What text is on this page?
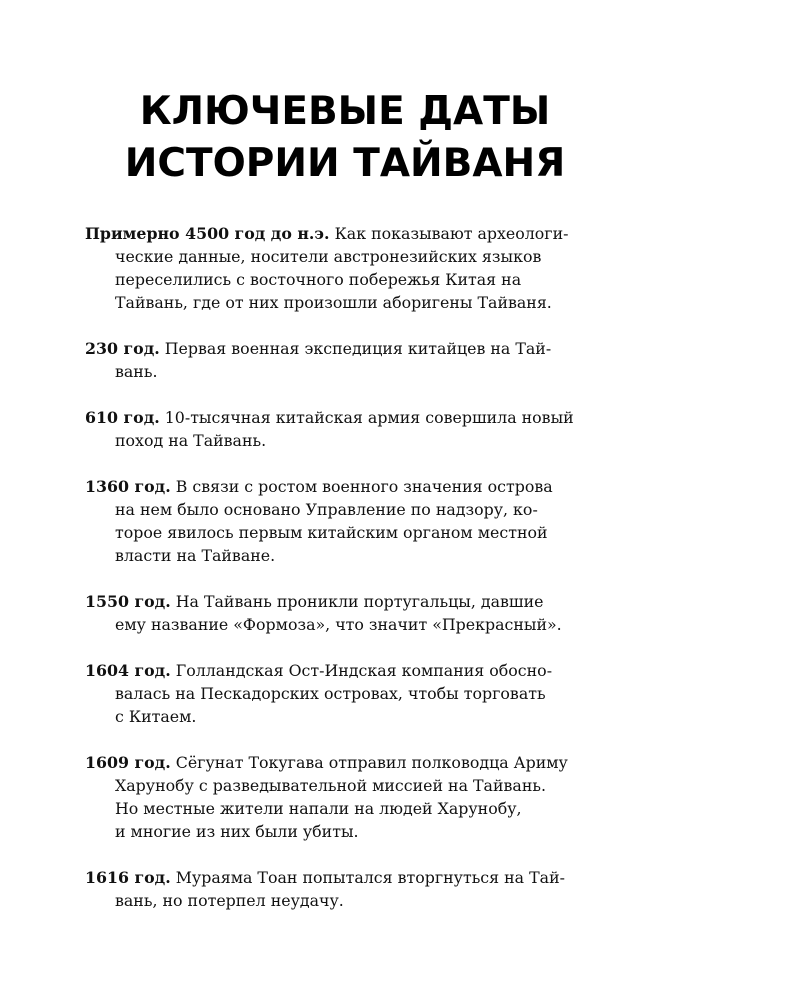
КЛЮЧЕВЫЕ ДАТЫ
ИСТОРИИ ТАЙВАНЯ
Примерно 4500 год до н.э. Как показывают археологи-
ческие данные, носители австронезийских языков
переселились с восточного побережья Китая на
Тайвань, где от них произошли аборигены Тайваня.
230 год. Первая военная экспедиция китайцев на Тай-
вань.
610 год. 10-тысячная китайская армия совершила новый
поход на Тайвань.
1360 год. В связи с ростом военного значения острова
на нем было основано Управление по надзору, ко-
торое явилось первым китайским органом местной
власти на Тайване.
1550 год. На Тайвань проникли португальцы, давшие
ему название «Формоза», что значит «Прекрасный».
1604 год. Голландская Ост-Индская компания обосно-
валась на Пескадорских островах, чтобы торговать
с Китаем.
1609 год. Сёгунат Токугава отправил полководца Ариму
Харунобу с разведывательной миссией на Тайвань.
Но местные жители напали на людей Харунобу,
и многие из них были убиты.
1616 год. Мураяма Тоан попытался вторгнуться на Тай-
вань, но потерпел неудачу.
